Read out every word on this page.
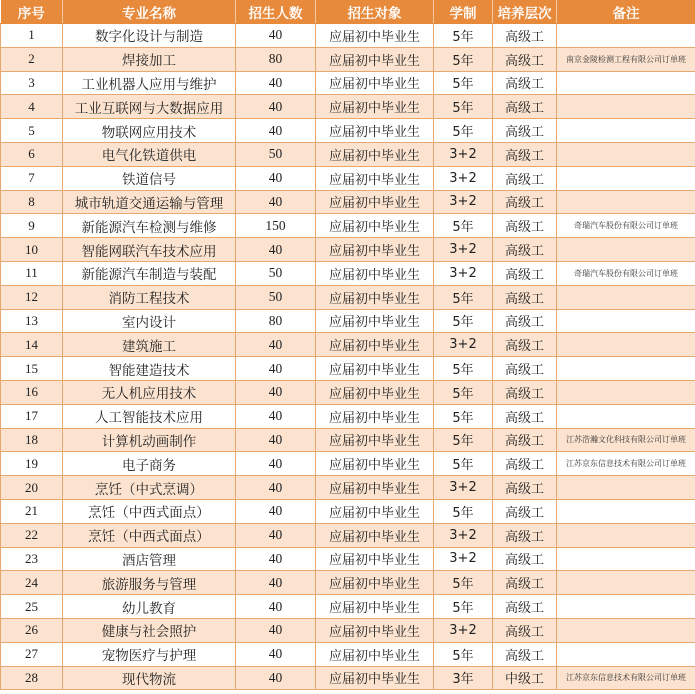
序号	专业名称	招生人数	招生对象	学制	培养层次	备注
1	数字化设计与制造	40	应届初中毕业生	5年	高级工	
2	焊接加工	80	应届初中毕业生	5年	高级工	南京金陵检测工程有限公司订单班
3	工业机器人应用与维护	40	应届初中毕业生	5年	高级工	
4	工业互联网与大数据应用	40	应届初中毕业生	5年	高级工	
5	物联网应用技术	40	应届初中毕业生	5年	高级工	
6	电气化铁道供电	50	应届初中毕业生	3+2	高级工	
7	铁道信号	40	应届初中毕业生	3+2	高级工	
8	城市轨道交通运输与管理	40	应届初中毕业生	3+2	高级工	
9	新能源汽车检测与维修	150	应届初中毕业生	5年	高级工	奇瑞汽车股份有限公司订单班
10	智能网联汽车技术应用	40	应届初中毕业生	3+2	高级工	
11	新能源汽车制造与装配	50	应届初中毕业生	3+2	高级工	奇瑞汽车股份有限公司订单班
12	消防工程技术	50	应届初中毕业生	5年	高级工	
13	室内设计	80	应届初中毕业生	5年	高级工	
14	建筑施工	40	应届初中毕业生	3+2	高级工	
15	智能建造技术	40	应届初中毕业生	5年	高级工	
16	无人机应用技术	40	应届初中毕业生	5年	高级工	
17	人工智能技术应用	40	应届初中毕业生	5年	高级工	
18	计算机动画制作	40	应届初中毕业生	5年	高级工	江苏浩瀚文化科技有限公司订单班
19	电子商务	40	应届初中毕业生	5年	高级工	江苏京东信息技术有限公司订单班
20	烹饪（中式烹调）	40	应届初中毕业生	3+2	高级工	
21	烹饪（中西式面点）	40	应届初中毕业生	5年	高级工	
22	烹饪（中西式面点）	40	应届初中毕业生	3+2	高级工	
23	酒店管理	40	应届初中毕业生	3+2	高级工	
24	旅游服务与管理	40	应届初中毕业生	5年	高级工	
25	幼儿教育	40	应届初中毕业生	5年	高级工	
26	健康与社会照护	40	应届初中毕业生	3+2	高级工	
27	宠物医疗与护理	40	应届初中毕业生	5年	高级工	
28	现代物流	40	应届初中毕业生	3年	中级工	江苏京东信息技术有限公司订单班
